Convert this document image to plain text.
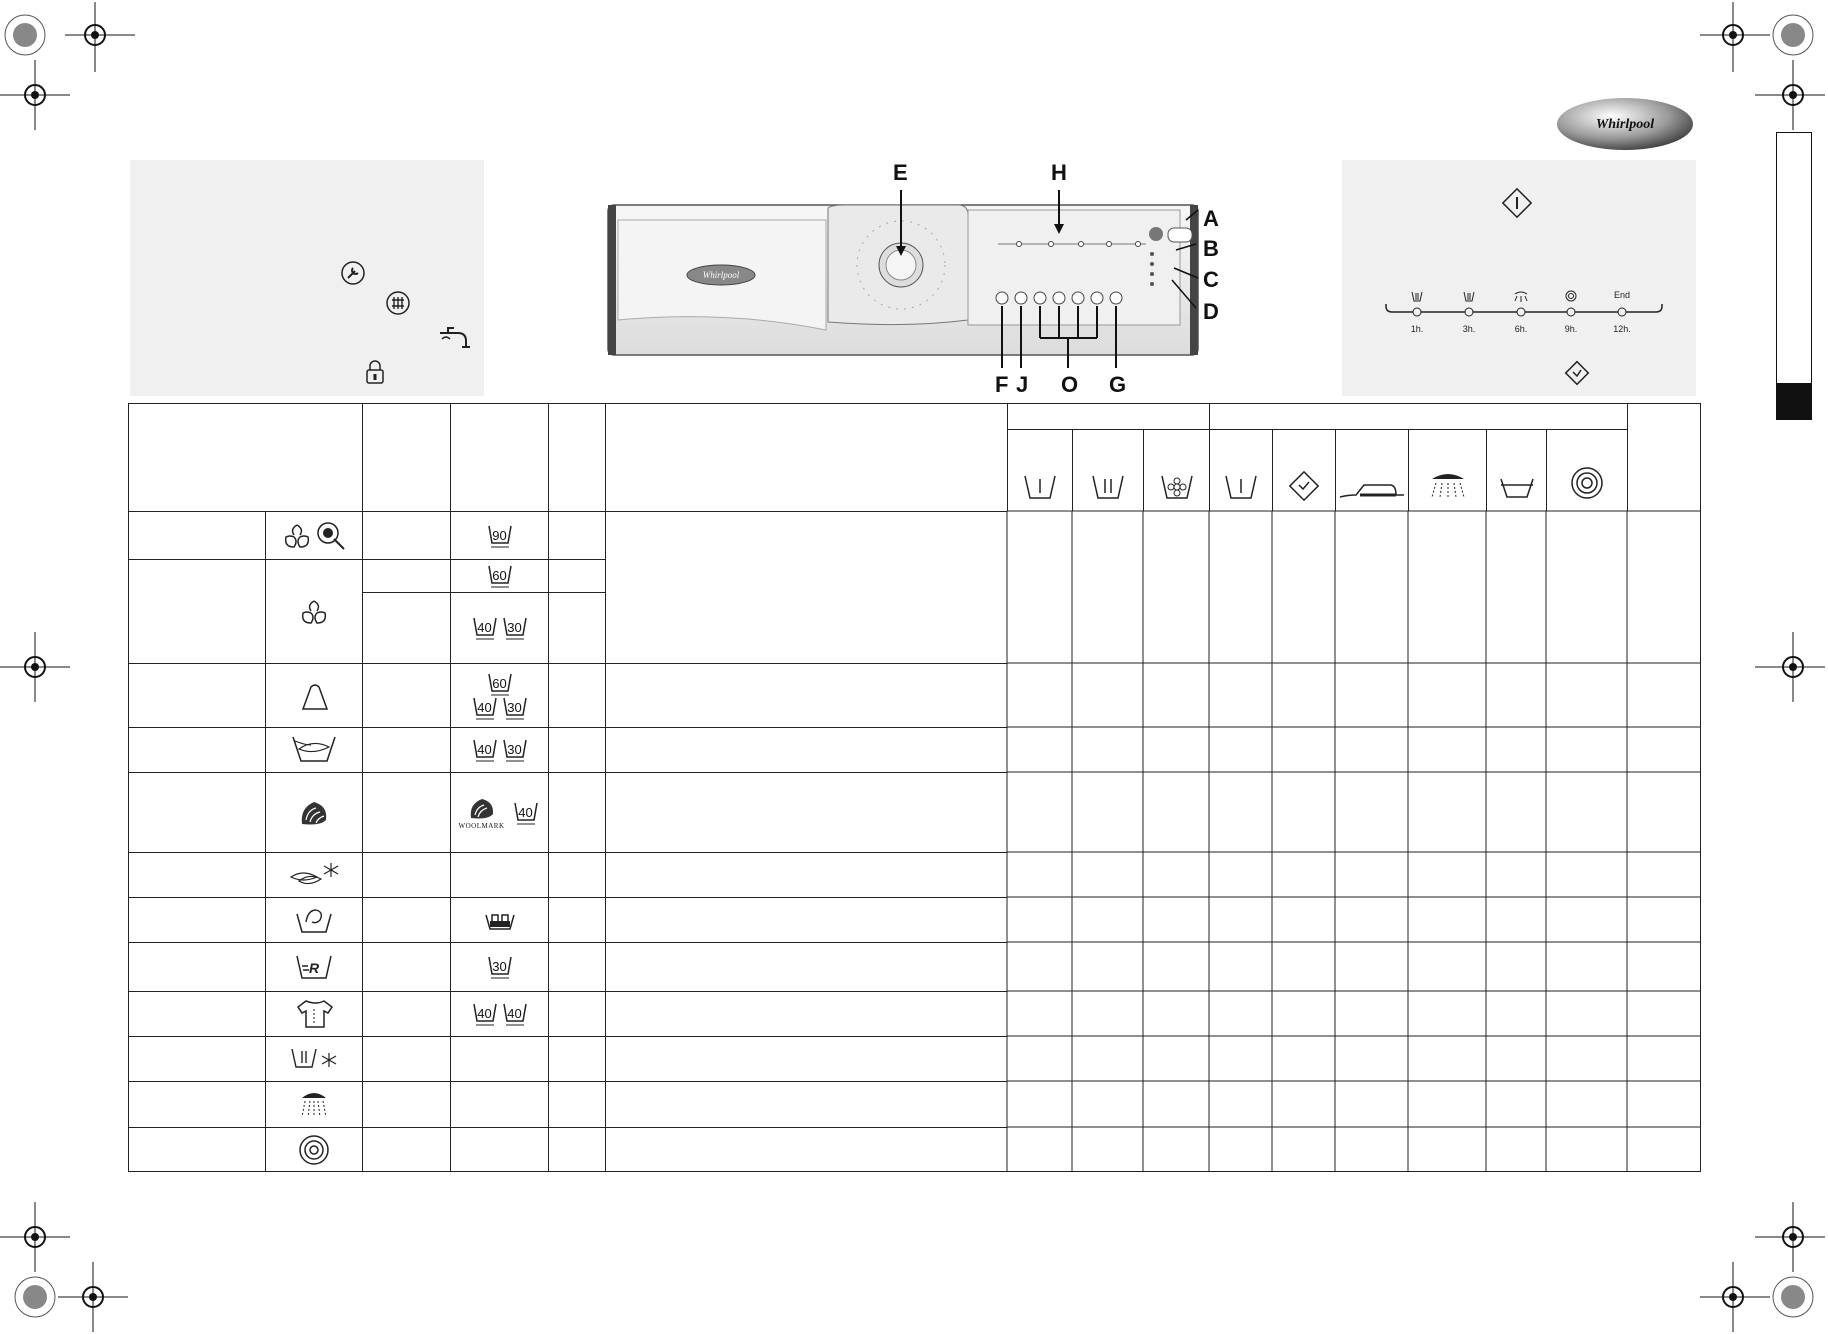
Whirlpool
1h.	3h.	6h.	9h.	12h.
End
Whirlpool
E	H
A
B
C
D
F J O G
90
60
40	30
60
40	30
40	30
WOOLMARK
40
R	30
40	40
